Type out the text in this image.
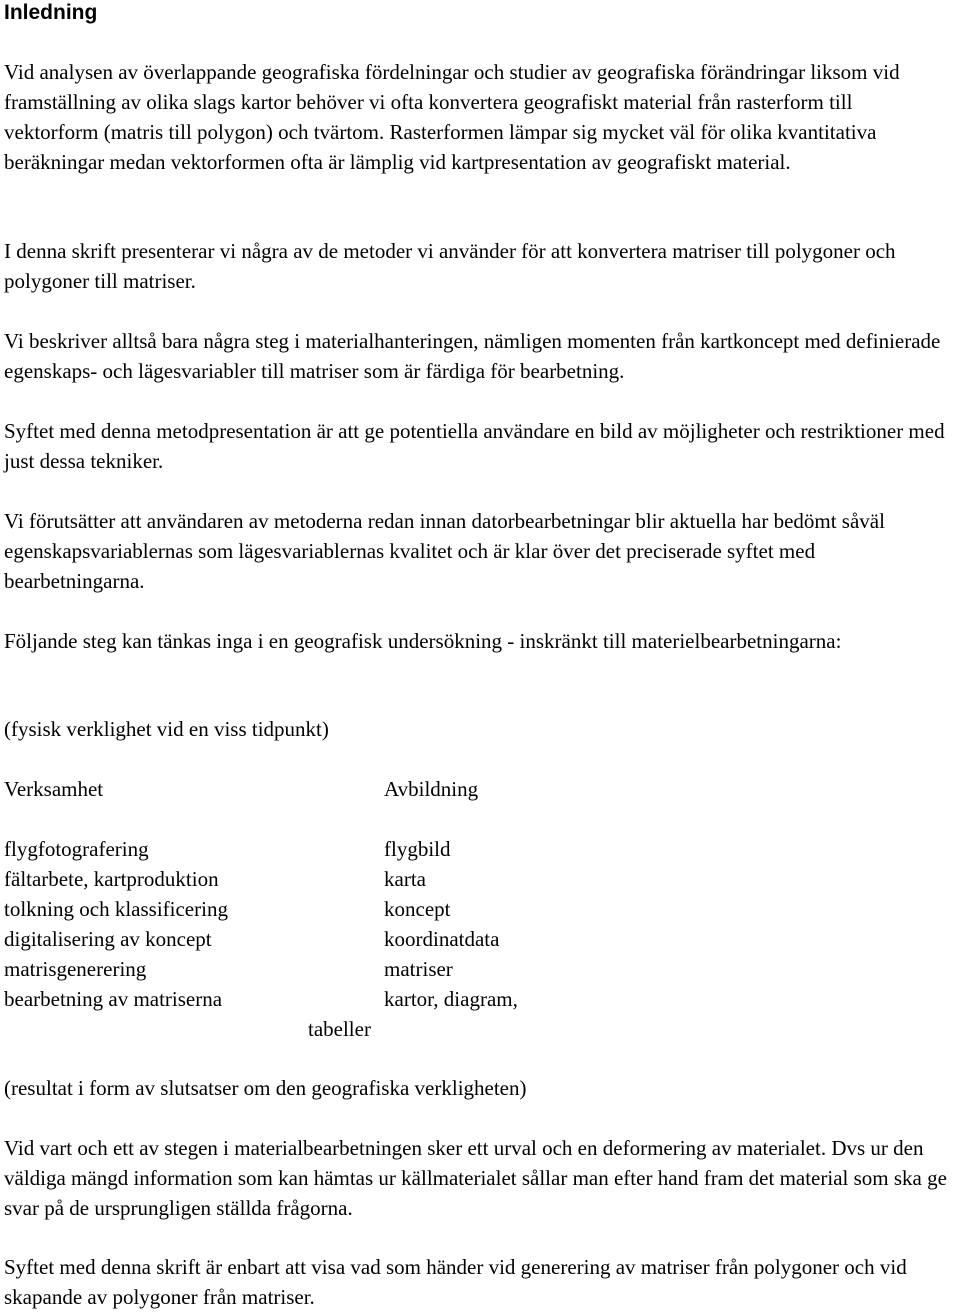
Inledning

Vid analysen av överlappande geografiska fördelningar och studier av geografiska förändringar liksom vid framställning av olika slags kartor behöver vi ofta konvertera geografiskt material från rasterform till vektorform (matris till polygon) och tvärtom. Rasterformen lämpar sig mycket väl för olika kvantitativa beräkningar medan vektorformen ofta är lämplig vid kartpresentation av geografiskt material.

I denna skrift presenterar vi några av de metoder vi använder för att konvertera matriser till polygoner och polygoner till matriser.

Vi beskriver alltså bara några steg i materialhanteringen, nämligen momenten från kartkoncept med definierade egenskaps- och lägesvariabler till matriser som är färdiga för bearbetning.

Syftet med denna metodpresentation är att ge potentiella användare en bild av möjligheter och restriktioner med just dessa tekniker.

Vi förutsätter att användaren av metoderna redan innan datorbearbetningar blir aktuella har bedömt såväl egenskapsvariablernas som lägesvariablernas kvalitet och är klar över det preciserade syftet med bearbetningarna.

Följande steg kan tänkas inga i en geografisk undersökning - inskränkt till materielbearbetningarna:

(fysisk verklighet vid en viss tidpunkt)

Verksamhet	Avbildning
flygfotografering	flygbild
fältarbete, kartproduktion	karta
tolkning och klassificering	koncept
digitalisering av koncept	koordinatdata
matrisgenerering	matriser
bearbetning av matriserna	kartor, diagram,
tabeller

(resultat i form av slutsatser om den geografiska verkligheten)

Vid vart och ett av stegen i materialbearbetningen sker ett urval och en deformering av materialet. Dvs ur den väldiga mängd information som kan hämtas ur källmaterialet sållar man efter hand fram det material som ska ge svar på de ursprungligen ställda frågorna.

Syftet med denna skrift är enbart att visa vad som händer vid generering av matriser från polygoner och vid skapande av polygoner från matriser.
